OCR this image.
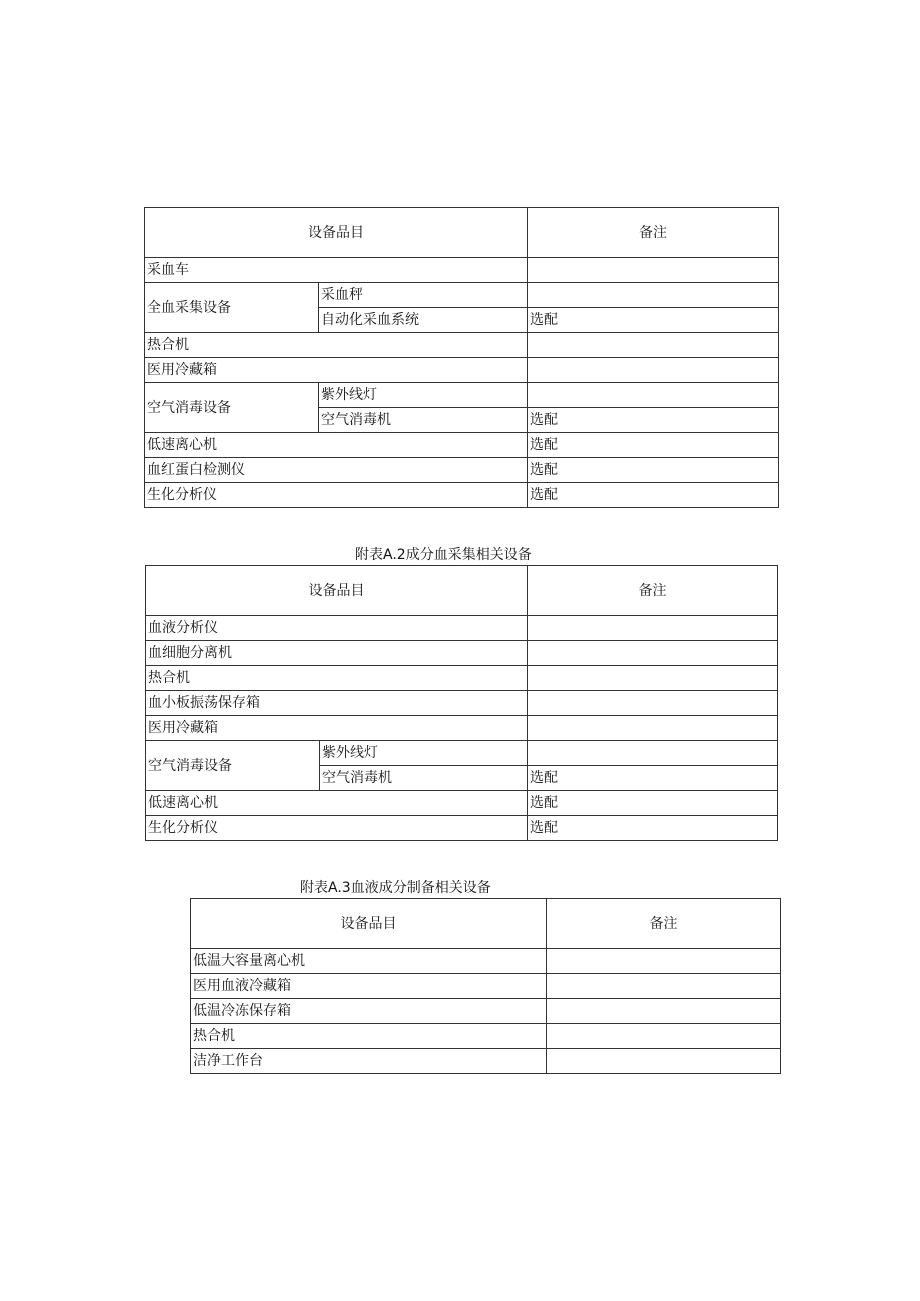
设备品目		备注
采血车		
全血采集设备	采血秤	
	自动化采血系统	选配
热合机		
医用冷藏箱		
空气消毒设备	紫外线灯	
	空气消毒机	选配
低速离心机		选配
血红蛋白检测仪		选配
生化分析仪		选配
附表A.2成分血采集相关设备
设备品目		备注
血液分析仪		
血细胞分离机		
热合机		
血小板振荡保存箱		
医用冷藏箱		
空气消毒设备	紫外线灯	
	空气消毒机	选配
低速离心机		选配
生化分析仪		选配
附表A.3血液成分制备相关设备
设备品目	备注
低温大容量离心机	
医用血液冷藏箱	
低温冷冻保存箱	
热合机	
洁净工作台	
